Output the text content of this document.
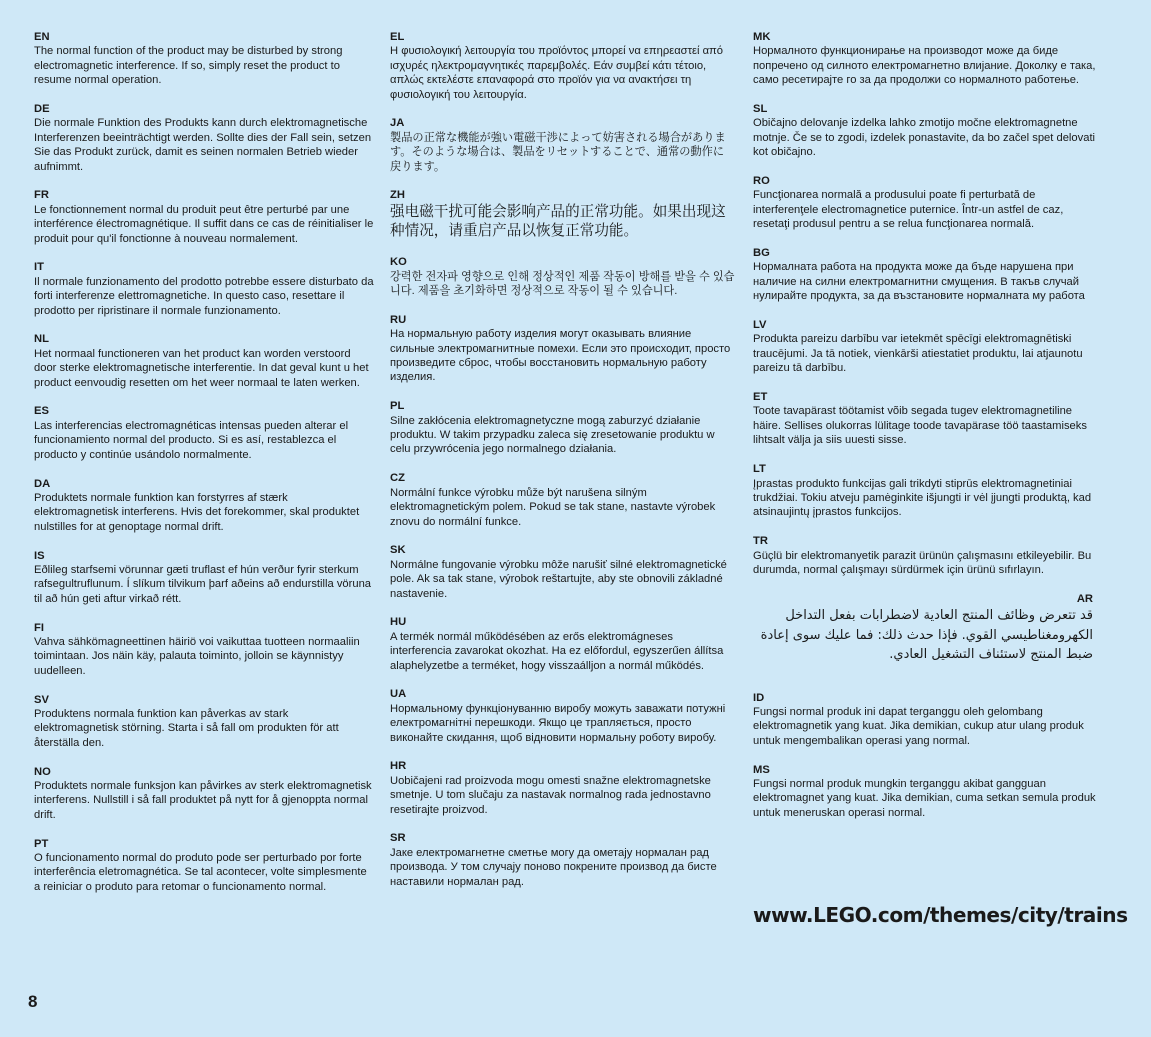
EN
The normal function of the product may be disturbed by strong electromagnetic interference. If so, simply reset the product to resume normal operation.
DE
Die normale Funktion des Produkts kann durch elektromagnetische Interferenzen beeinträchtigt werden. Sollte dies der Fall sein, setzen Sie das Produkt zurück, damit es seinen normalen Betrieb wieder aufnimmt.
FR
Le fonctionnement normal du produit peut être perturbé par une interférence électromagnétique. Il suffit dans ce cas de réinitialiser le produit pour qu'il fonctionne à nouveau normalement.
IT
Il normale funzionamento del prodotto potrebbe essere disturbato da forti interferenze elettromagnetiche. In questo caso, resettare il prodotto per ripristinare il normale funzionamento.
NL
Het normaal functioneren van het product kan worden verstoord door sterke elektromagnetische interferentie. In dat geval kunt u het product eenvoudig resetten om het weer normaal te laten werken.
ES
Las interferencias electromagnéticas intensas pueden alterar el funcionamiento normal del producto. Si es así, restablezca el producto y continúe usándolo normalmente.
DA
Produktets normale funktion kan forstyrres af stærk elektromagnetisk interferens. Hvis det forekommer, skal produktet nulstilles for at genoptage normal drift.
IS
Eðlileg starfsemi vörunnar gæti truflast ef hún verður fyrir sterkum rafsegultruflunum. Í slíkum tilvikum þarf aðeins að endurstilla vöruna til að hún geti aftur virkað rétt.
FI
Vahva sähkömagneettinen häiriö voi vaikuttaa tuotteen normaaliin toimintaan. Jos näin käy, palauta toiminto, jolloin se käynnistyy uudelleen.
SV
Produktens normala funktion kan påverkas av stark elektromagnetisk störning. Starta i så fall om produkten för att återställa den.
NO
Produktets normale funksjon kan påvirkes av sterk elektromagnetisk interferens. Nullstill i så fall produktet på nytt for å gjenoppta normal drift.
PT
O funcionamento normal do produto pode ser perturbado por forte interferência eletromagnética. Se tal acontecer, volte simplesmente a reiniciar o produto para retomar o funcionamento normal.
EL
Η φυσιολογική λειτουργία του προϊόντος μπορεί να επηρεαστεί από ισχυρές ηλεκτρομαγνητικές παρεμβολές. Εάν συμβεί κάτι τέτοιο, απλώς εκτελέστε επαναφορά στο προϊόν για να ανακτήσει τη φυσιολογική του λειτουργία.
JA
製品の正常な機能が強い電磁干渉によって妨害される場合があります。そのような場合は、製品をリセットすることで、通常の動作に戻ります。
ZH
强电磁干扰可能会影响产品的正常功能。如果出现这种情况，请重启产品以恢复正常功能。
KO
강력한 전자파 영향으로 인해 정상적인 제품 작동이 방해를 받을 수 있습니다. 제품을 초기화하면 정상적으로 작동이 될 수 있습니다.
RU
На нормальную работу изделия могут оказывать влияние сильные электромагнитные помехи. Если это происходит, просто произведите сброс, чтобы восстановить нормальную работу изделия.
PL
Silne zakłócenia elektromagnetyczne mogą zaburzyć działanie produktu. W takim przypadku zaleca się zresetowanie produktu w celu przywrócenia jego normalnego działania.
CZ
Normální funkce výrobku může být narušena silným elektromagnetickým polem. Pokud se tak stane, nastavte výrobek znovu do normální funkce.
SK
Normálne fungovanie výrobku môže narušiť silné elektromagnetické pole. Ak sa tak stane, výrobok reštartujte, aby ste obnovili základné nastavenie.
HU
A termék normál működésében az erős elektromágneses interferencia zavarokat okozhat. Ha ez előfordul, egyszerűen állítsa alaphelyzetbe a terméket, hogy visszaálljon a normál működés.
UA
Нормальному функціонуванню виробу можуть заважати потужні електромагнітні перешкоди. Якщо це трапляється, просто виконайте скидання, щоб відновити нормальну роботу виробу.
HR
Uobičajeni rad proizvoda mogu omesti snažne elektromagnetske smetnje. U tom slučaju za nastavak normalnog rada jednostavno resetirajte proizvod.
SR
Јаке електромагнетне сметње могу да ометају нормалан рад производа. У том случају поново покрените производ да бисте наставили нормалан рад.
MK
Нормалното функционирање на производот може да биде попречено од силното електромагнетно влијание. Доколку е така, само ресетирајте го за да продолжи со нормалното работење.
SL
Običajno delovanje izdelka lahko zmotijo močne elektromagnetne motnje. Če se to zgodi, izdelek ponastavite, da bo začel spet delovati kot običajno.
RO
Funcţionarea normală a produsului poate fi perturbată de interferenţele electromagnetice puternice. Într-un astfel de caz, resetaţi produsul pentru a se relua funcţionarea normală.
BG
Нормалната работа на продукта може да бъде нарушена при наличие на силни електромагнитни смущения. В такъв случай нулирайте продукта, за да възстановите нормалната му работа
LV
Produkta pareizu darbību var ietekmēt spēcīgi elektromagnētiski traucējumi. Ja tā notiek, vienkārši atiestatiet produktu, lai atjaunotu pareizu tā darbību.
ET
Toote tavapärast töötamist võib segada tugev elektromagnetiline häire. Sellises olukorras lülitage toode tavapärase töö taastamiseks lihtsalt välja ja siis uuesti sisse.
LT
Įprastas produkto funkcijas gali trikdyti stiprūs elektromagnetiniai trukdžiai. Tokiu atveju pamėginkite išjungti ir vėl įjungti produktą, kad atsinaujintų įprastos funkcijos.
TR
Güçlü bir elektromanyetik parazit ürünün çalışmasını etkileyebilir. Bu durumda, normal çalışmayı sürdürmek için ürünü sıfırlayın.
AR
قد تتعرض وظائف المنتج العادية لاضطرابات بفعل التداخل الكهرومغناطيسي القوي. فإذا حدث ذلك: فما عليك سوى إعادة ضبط المنتج لاستئناف التشغيل العادي.
ID
Fungsi normal produk ini dapat terganggu oleh gelombang elektromagnetik yang kuat. Jika demikian, cukup atur ulang produk untuk mengembalikan operasi yang normal.
MS
Fungsi normal produk mungkin terganggu akibat gangguan elektromagnet yang kuat. Jika demikian, cuma setkan semula produk untuk meneruskan operasi normal.
www.LEGO.com/themes/city/trains
8
